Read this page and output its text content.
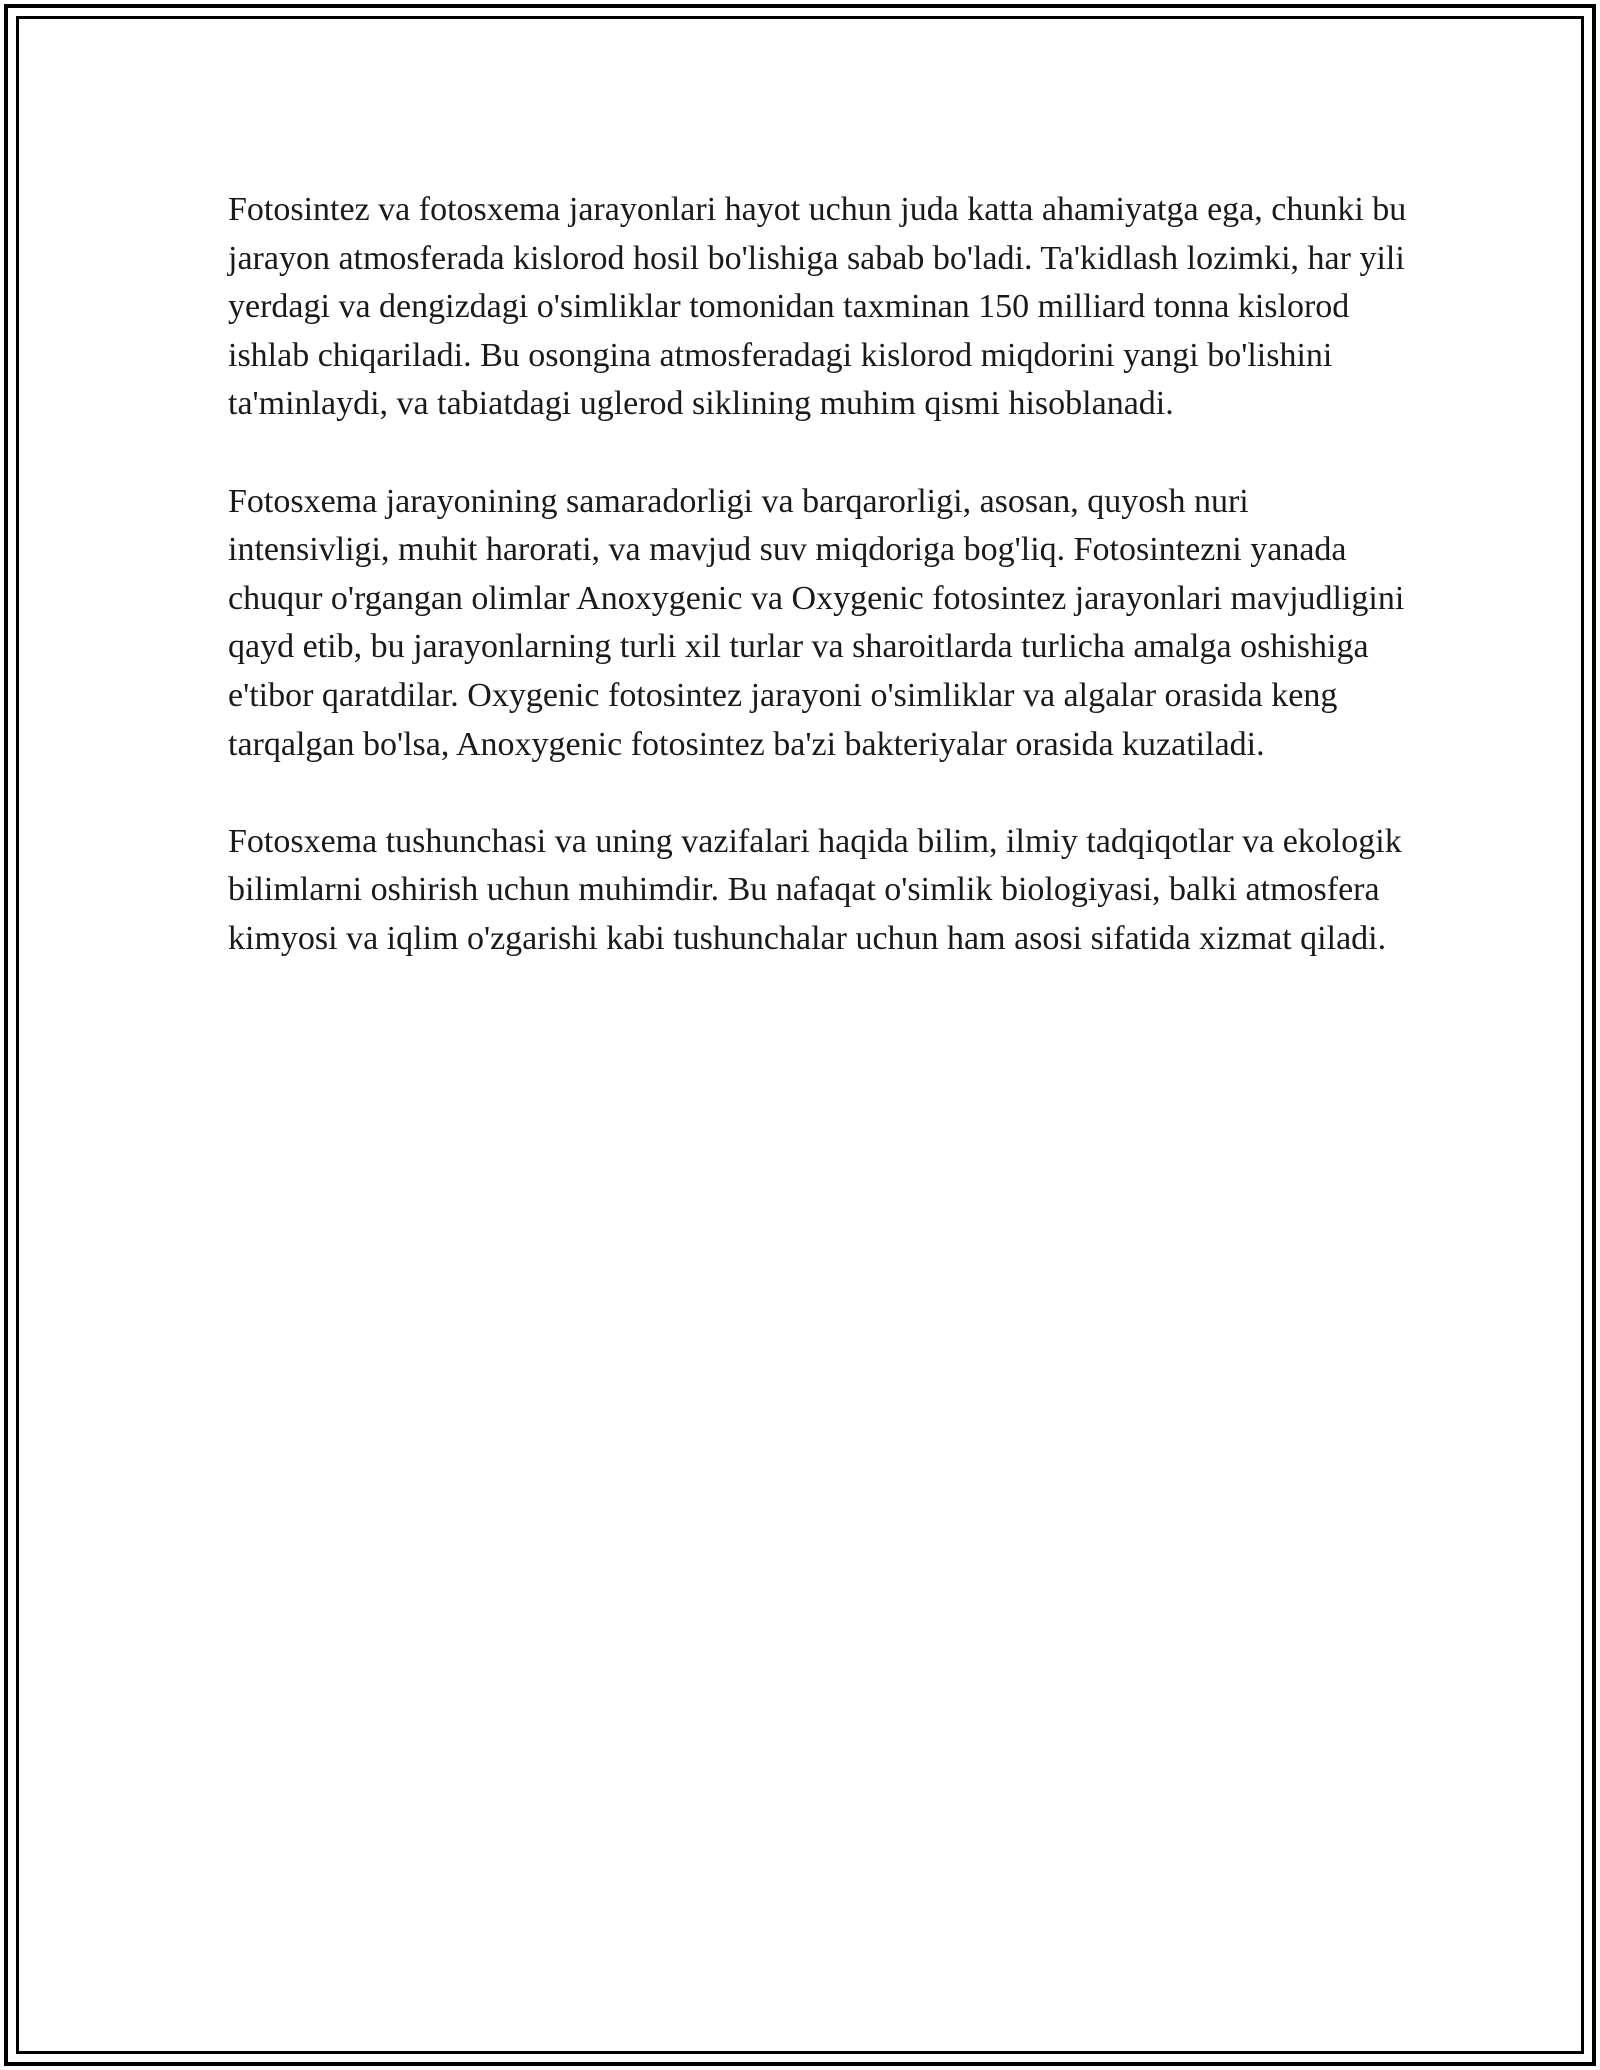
Fotosintez va fotosxema jarayonlari hayot uchun juda katta ahamiyatga ega, chunki bu jarayon atmosferada kislorod hosil bo'lishiga sabab bo'ladi. Ta'kidlash lozimki, har yili yerdagi va dengizdagi o'simliklar tomonidan taxminan 150 milliard tonna kislorod ishlab chiqariladi. Bu osongina atmosferadagi kislorod miqdorini yangi bo'lishini ta'minlaydi, va tabiatdagi uglerod siklining muhim qismi hisoblanadi.

Fotosxema jarayonining samaradorligi va barqarorligi, asosan, quyosh nuri intensivligi, muhit harorati, va mavjud suv miqdoriga bog'liq. Fotosintezni yanada chuqur o'rgangan olimlar Anoxygenic va Oxygenic fotosintez jarayonlari mavjudligini qayd etib, bu jarayonlarning turli xil turlar va sharoitlarda turlicha amalga oshishiga e'tibor qaratdilar. Oxygenic fotosintez jarayoni o'simliklar va algalar orasida keng tarqalgan bo'lsa, Anoxygenic fotosintez ba'zi bakteriyalar orasida kuzatiladi.

Fotosxema tushunchasi va uning vazifalari haqida bilim, ilmiy tadqiqotlar va ekologik bilimlarni oshirish uchun muhimdir. Bu nafaqat o'simlik biologiyasi, balki atmosfera kimyosi va iqlim o'zgarishi kabi tushunchalar uchun ham asosi sifatida xizmat qiladi.
